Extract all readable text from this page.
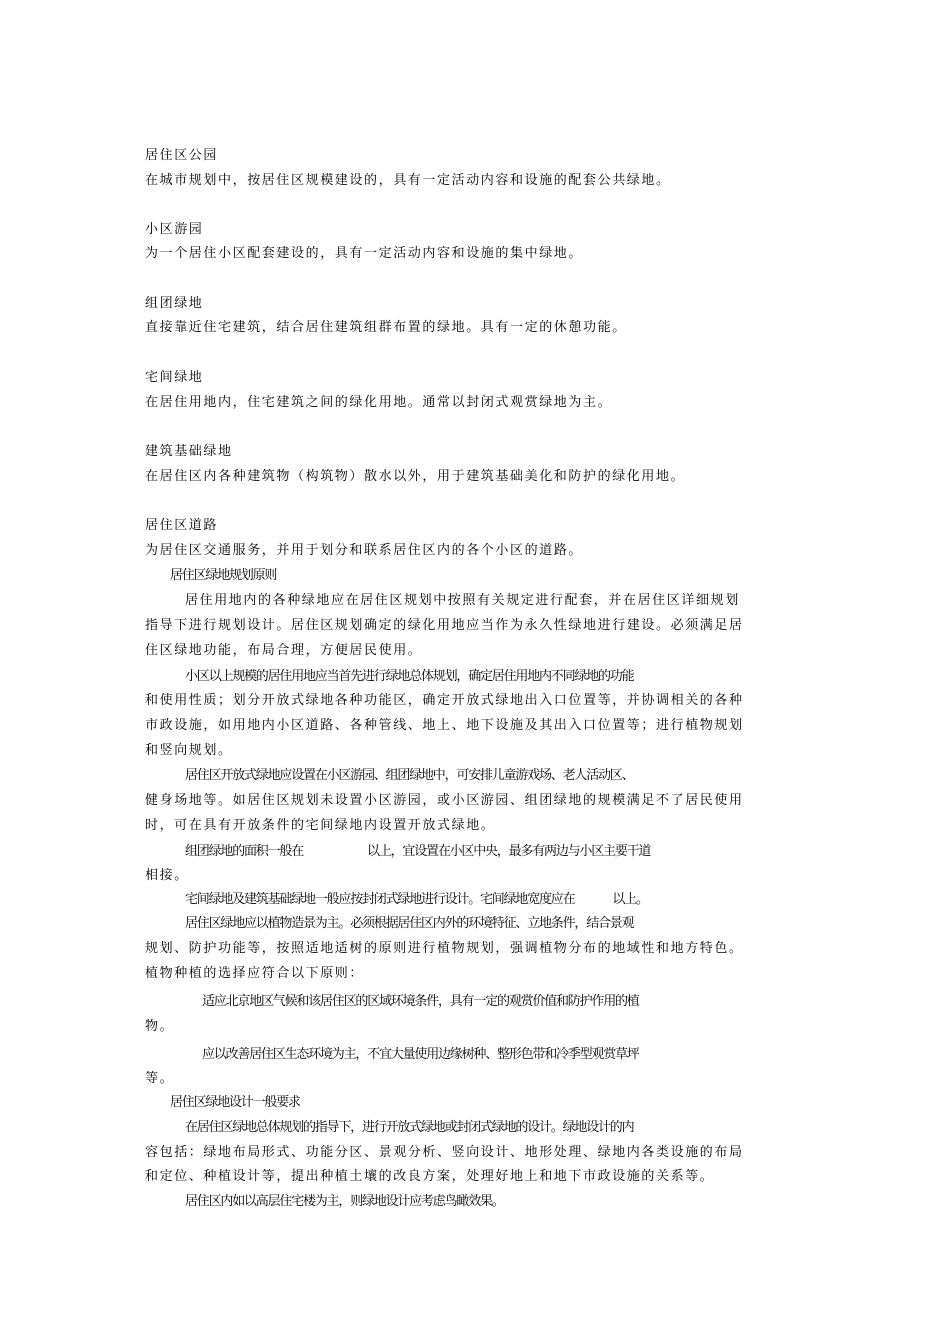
居住区公园
在城市规划中，按居住区规模建设的，具有一定活动内容和设施的配套公共绿地。
小区游园
为一个居住小区配套建设的，具有一定活动内容和设施的集中绿地。
组团绿地
直接靠近住宅建筑，结合居住建筑组群布置的绿地。具有一定的休憩功能。
宅间绿地
在居住用地内，住宅建筑之间的绿化用地。通常以封闭式观赏绿地为主。
建筑基础绿地
在居住区内各种建筑物（构筑物）散水以外，用于建筑基础美化和防护的绿化用地。
居住区道路
为居住区交通服务，并用于划分和联系居住区内的各个小区的道路。
居住区绿地规划原则
居住用地内的各种绿地应在居住区规划中按照有关规定进行配套，并在居住区详细规划
指导下进行规划设计。居住区规划确定的绿化用地应当作为永久性绿地进行建设。必须满足居
住区绿地功能，布局合理，方便居民使用。
小区以上规模的居住用地应当首先进行绿地总体规划，确定居住用地内不同绿地的功能
和使用性质；划分开放式绿地各种功能区，确定开放式绿地出入口位置等，并协调相关的各种
市政设施，如用地内小区道路、各种管线、地上、地下设施及其出入口位置等；进行植物规划
和竖向规划。
居住区开放式绿地应设置在小区游园、组团绿地中，可安排儿童游戏场、老人活动区、
健身场地等。如居住区规划未设置小区游园，或小区游园、组团绿地的规模满足不了居民使用
时，可在具有开放条件的宅间绿地内设置开放式绿地。
组团绿地的面积一般在	以上，宜设置在小区中央，最多有两边与小区主要干道
相接。
宅间绿地及建筑基础绿地一般应按封闭式绿地进行设计。宅间绿地宽度应在	以上。
居住区绿地应以植物造景为主。必须根据居住区内外的环境特征、立地条件，结合景观
规划、防护功能等，按照适地适树的原则进行植物规划，强调植物分布的地域性和地方特色。
植物种植的选择应符合以下原则：
适应北京地区气候和该居住区的区域环境条件，具有一定的观赏价值和防护作用的植
物。
应以改善居住区生态环境为主，不宜大量使用边缘树种、整形色带和冷季型观赏草坪
等。
居住区绿地设计一般要求
在居住区绿地总体规划的指导下，进行开放式绿地或封闭式绿地的设计。绿地设计的内
容包括：绿地布局形式、功能分区、景观分析、竖向设计、地形处理、绿地内各类设施的布局
和定位、种植设计等，提出种植土壤的改良方案，处理好地上和地下市政设施的关系等。
居住区内如以高层住宅楼为主，则绿地设计应考虑鸟瞰效果。
